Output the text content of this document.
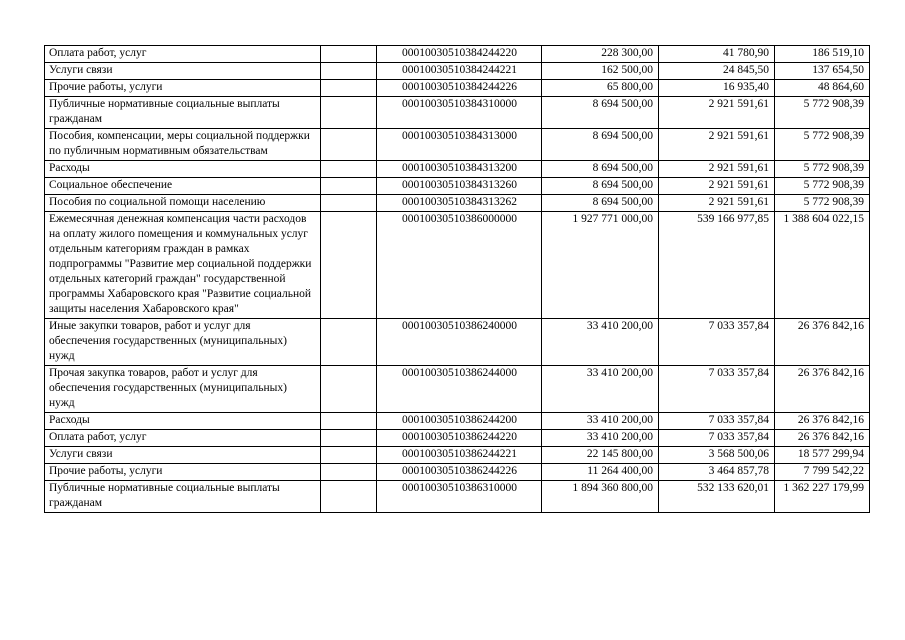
Оплата работ, услуг		00010030510384244220	228 300,00	41 780,90	186 519,10
Услуги связи		00010030510384244221	162 500,00	24 845,50	137 654,50
Прочие работы, услуги		00010030510384244226	65 800,00	16 935,40	48 864,60
Публичные нормативные социальные выплаты гражданам		00010030510384310000	8 694 500,00	2 921 591,61	5 772 908,39
Пособия, компенсации, меры социальной поддержки по публичным нормативным обязательствам		00010030510384313000	8 694 500,00	2 921 591,61	5 772 908,39
Расходы		00010030510384313200	8 694 500,00	2 921 591,61	5 772 908,39
Социальное обеспечение		00010030510384313260	8 694 500,00	2 921 591,61	5 772 908,39
Пособия по социальной помощи населению		00010030510384313262	8 694 500,00	2 921 591,61	5 772 908,39
Ежемесячная денежная компенсация части расходов на оплату жилого помещения и коммунальных услуг отдельным категориям граждан в рамках подпрограммы "Развитие мер социальной поддержки отдельных категорий граждан" государственной программы Хабаровского края "Развитие социальной защиты населения Хабаровского края"		00010030510386000000	1 927 771 000,00	539 166 977,85	1 388 604 022,15
Иные закупки товаров, работ и услуг для обеспечения государственных (муниципальных) нужд		00010030510386240000	33 410 200,00	7 033 357,84	26 376 842,16
Прочая закупка товаров, работ и услуг для обеспечения государственных (муниципальных) нужд		00010030510386244000	33 410 200,00	7 033 357,84	26 376 842,16
Расходы		00010030510386244200	33 410 200,00	7 033 357,84	26 376 842,16
Оплата работ, услуг		00010030510386244220	33 410 200,00	7 033 357,84	26 376 842,16
Услуги связи		00010030510386244221	22 145 800,00	3 568 500,06	18 577 299,94
Прочие работы, услуги		00010030510386244226	11 264 400,00	3 464 857,78	7 799 542,22
Публичные нормативные социальные выплаты гражданам		00010030510386310000	1 894 360 800,00	532 133 620,01	1 362 227 179,99
